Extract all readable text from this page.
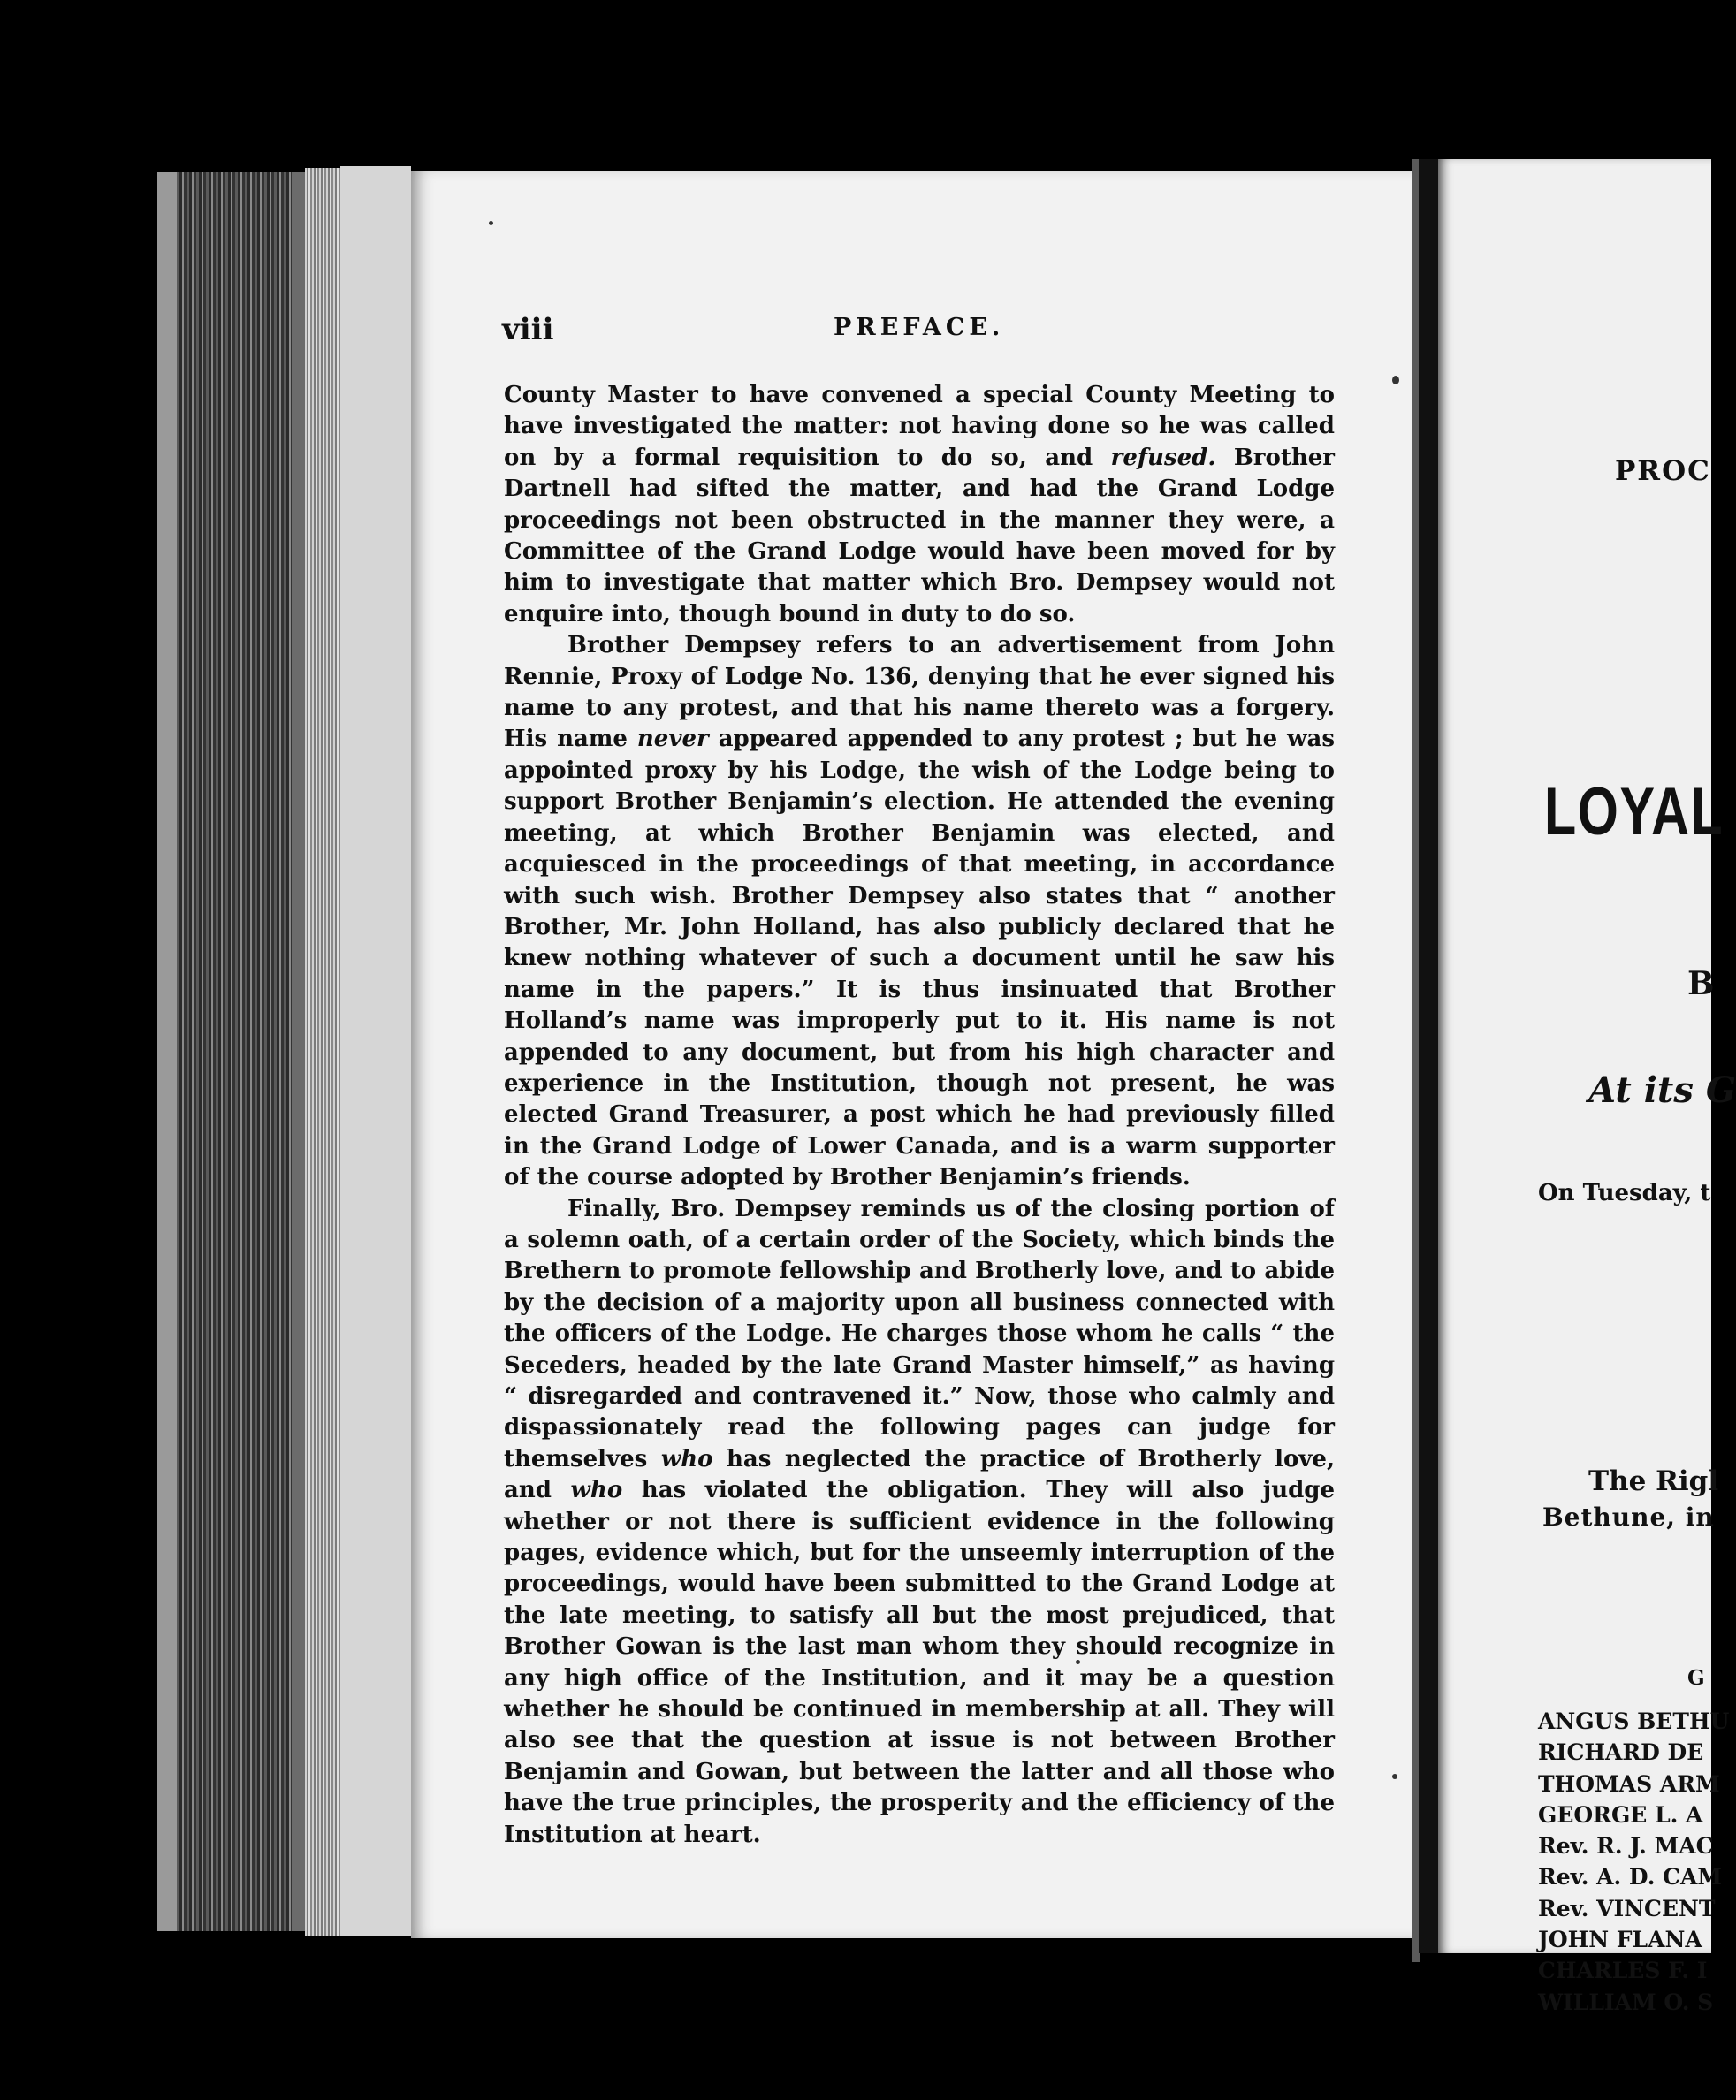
viii	PREFACE.

County Master to have convened a special County Meeting to have investigated the matter: not having done so he was called on by a formal requisition to do so, and refused. Brother Dartnell had sifted the matter, and had the Grand Lodge proceedings not been obstructed in the manner they were, a Committee of the Grand Lodge would have been moved for by him to investigate that matter which Bro. Dempsey would not enquire into, though bound in duty to do so.

Brother Dempsey refers to an advertisement from John Rennie, Proxy of Lodge No. 136, denying that he ever signed his name to any protest, and that his name thereto was a forgery. His name never appeared appended to any protest ; but he was appointed proxy by his Lodge, the wish of the Lodge being to support Brother Benjamin’s election. He attended the evening meeting, at which Brother Benjamin was elected, and acquiesced in the proceedings of that meeting, in accordance with such wish. Brother Dempsey also states that “ another Brother, Mr. John Holland, has also publicly declared that he knew nothing whatever of such a document until he saw his name in the papers.” It is thus insinuated that Brother Holland’s name was improperly put to it. His name is not appended to any document, but from his high character and experience in the Institution, though not present, he was elected Grand Treasurer, a post which he had previously filled in the Grand Lodge of Lower Canada, and is a warm supporter of the course adopted by Brother Benjamin’s friends.

Finally, Bro. Dempsey reminds us of the closing portion of a solemn oath, of a certain order of the Society, which binds the Brethern to promote fellowship and Brotherly love, and to abide by the decision of a majority upon all business connected with the officers of the Lodge. He charges those whom he calls “ the Seceders, headed by the late Grand Master himself,” as having “ disregarded and contravened it.” Now, those who calmly and dispassionately read the following pages can judge for themselves who has neglected the practice of Brotherly love, and who has violated the obligation. They will also judge whether or not there is sufficient evidence in the following pages, evidence which, but for the unseemly interruption of the proceedings, would have been submitted to the Grand Lodge at the late meeting, to satisfy all but the most prejudiced, that Brother Gowan is the last man whom they should recognize in any high office of the Institution, and it may be a question whether he should be continued in membership at all. They will also see that the question at issue is not between Brother Benjamin and Gowan, but between the latter and all those who have the true principles, the prosperity and the efficiency of the Institution at heart.

PROC
LOYAL
B
At its G
On Tuesday, t
The Rigl
Bethune, in
G
ANGUS BETHU
RICHARD DE
THOMAS ARM
GEORGE L. A
Rev. R. J. MAC
Rev. A. D. CAM
Rev. VINCENT
JOHN FLANA
CHARLES F. I
WILLIAM O. S
